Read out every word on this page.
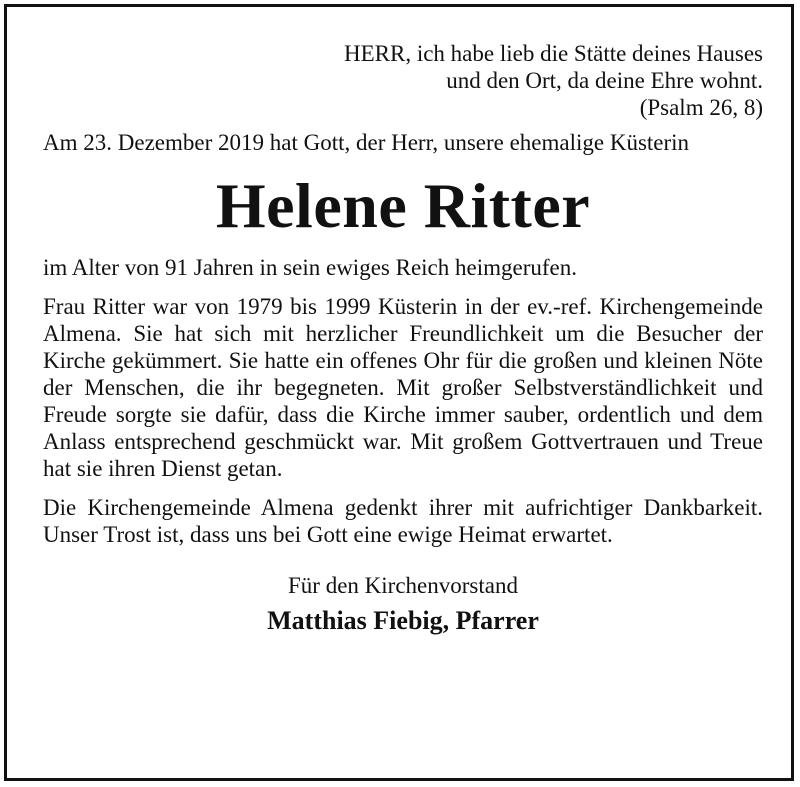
HERR, ich habe lieb die Stätte deines Hauses
und den Ort, da deine Ehre wohnt.
(Psalm 26, 8)

Am 23. Dezember 2019 hat Gott, der Herr, unsere ehemalige Küsterin

Helene Ritter

im Alter von 91 Jahren in sein ewiges Reich heimgerufen.

Frau Ritter war von 1979 bis 1999 Küsterin in der ev.-ref. Kirchengemeinde Almena. Sie hat sich mit herzlicher Freundlichkeit um die Besucher der Kirche gekümmert. Sie hatte ein offenes Ohr für die großen und kleinen Nöte der Menschen, die ihr begegneten. Mit großer Selbstverständlichkeit und Freude sorgte sie dafür, dass die Kirche immer sauber, ordentlich und dem Anlass entsprechend geschmückt war. Mit großem Gottvertrauen und Treue hat sie ihren Dienst getan.

Die Kirchengemeinde Almena gedenkt ihrer mit aufrichtiger Dankbarkeit. Unser Trost ist, dass uns bei Gott eine ewige Heimat erwartet.

Für den Kirchenvorstand
Matthias Fiebig, Pfarrer
